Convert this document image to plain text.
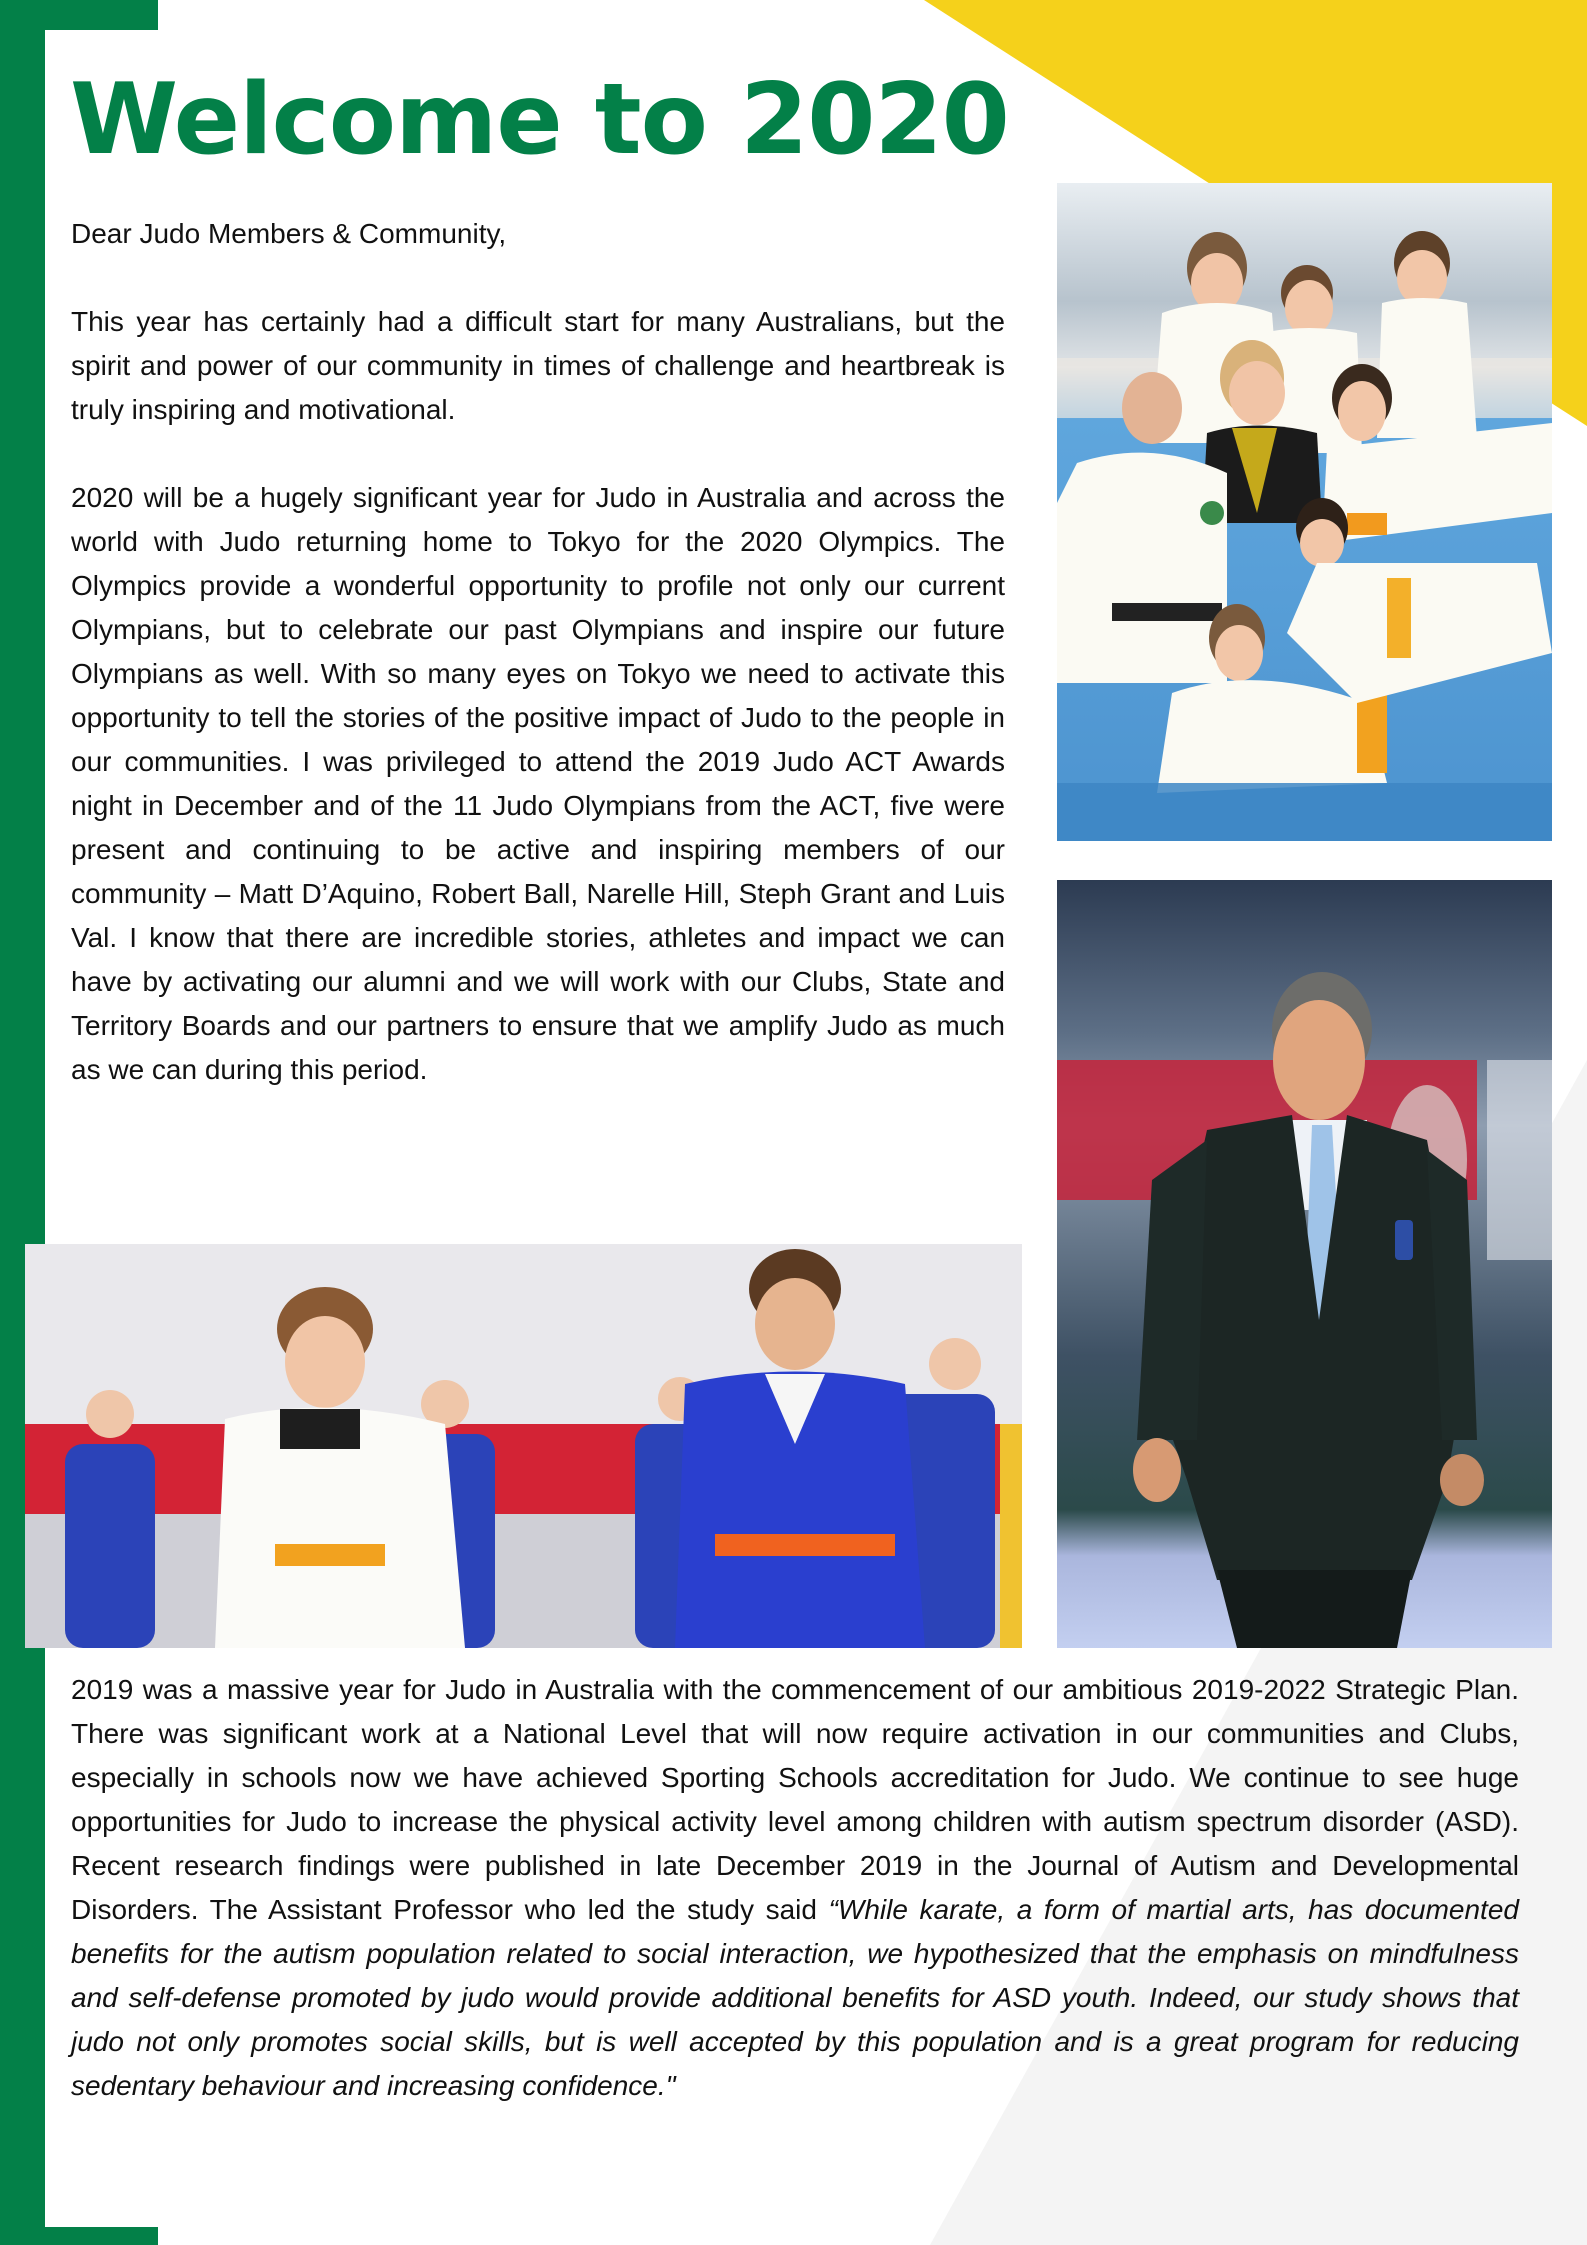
Welcome to 2020

Dear Judo Members & Community,

This year has certainly had a difficult start for many Australians, but the spirit and power of our community in times of challenge and heartbreak is truly inspiring and motivational.

2020 will be a hugely significant year for Judo in Australia and across the world with Judo returning home to Tokyo for the 2020 Olympics. The Olympics provide a wonderful opportunity to profile not only our current Olympians, but to celebrate our past Olympians and inspire our future Olympians as well. With so many eyes on Tokyo we need to activate this opportunity to tell the stories of the positive impact of Judo to the people in our communities. I was privileged to attend the 2019 Judo ACT Awards night in December and of the 11 Judo Olympians from the ACT, five were present and continuing to be active and inspiring members of our community – Matt D’Aquino, Robert Ball, Narelle Hill, Steph Grant and Luis Val. I know that there are incredible stories, athletes and impact we can have by activating our alumni and we will work with our Clubs, State and Territory Boards and our partners to ensure that we amplify Judo as much as we can during this period.

2019 was a massive year for Judo in Australia with the commencement of our ambitious 2019-2022 Strategic Plan. There was significant work at a National Level that will now require activation in our communities and Clubs, especially in schools now we have achieved Sporting Schools accreditation for Judo. We continue to see huge opportunities for Judo to increase the physical activity level among children with autism spectrum disorder (ASD). Recent research findings were published in late December 2019 in the Journal of Autism and Developmental Disorders. The Assistant Professor who led the study said “While karate, a form of martial arts, has documented benefits for the autism population related to social interaction, we hypothesized that the emphasis on mindfulness and self-defense promoted by judo would provide additional benefits for ASD youth. Indeed, our study shows that judo not only promotes social skills, but is well accepted by this population and is a great program for reducing sedentary behaviour and increasing confidence."
